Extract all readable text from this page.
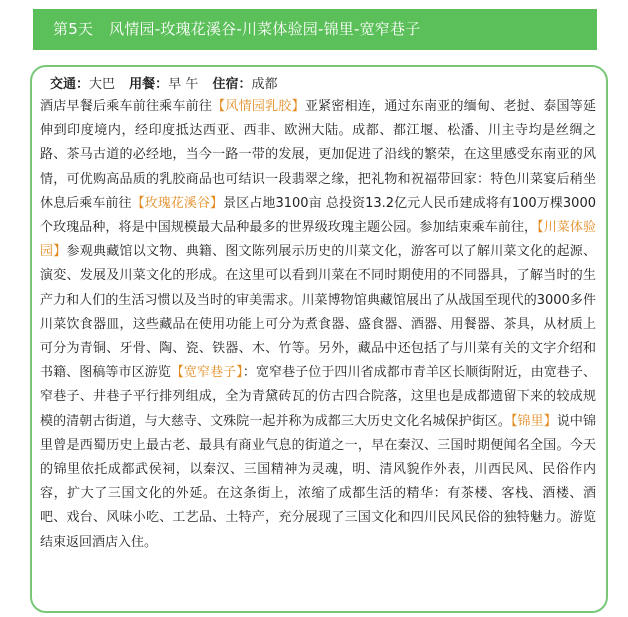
第5天 风情园-玫瑰花溪谷-川菜体验园-锦里-宽窄巷子
交通：大巴 用餐：早 午 住宿：成都

酒店早餐后乘车前往乘车前往【风情园乳胶】亚紧密相连，通过东南亚的缅甸、老挝、泰国等延伸到印度境内，经印度抵达西亚、西非、欧洲大陆。成都、都江堰、松潘、川主寺均是丝绸之路、茶马古道的必经地，当今一路一带的发展，更加促进了沿线的繁荣，在这里感受东南亚的风情，可优购高品质的乳胶商品也可结识一段翡翠之缘，把礼物和祝福带回家：特色川菜宴后稍坐休息后乘车前往【玫瑰花溪谷】景区占地3100亩 总投资13.2亿元人民币建成将有100万棵3000个玫瑰品种，将是中国规模最大品种最多的世界级玫瑰主题公园。参加结束乘车前往，【川菜体验园】参观典藏馆以文物、典籍、图文陈列展示历史的川菜文化，游客可以了解川菜文化的起源、演変、发展及川菜文化的形成。在这里可以看到川菜在不同时期使用的不同器具，了解当时的生产力和人们的生活习惯以及当时的审美需求。川菜博物馆典藏馆展出了从战国至现代的3000多件川菜饮食器皿，这些藏品在使用功能上可分为煮食器、盛食器、酒器、用餐器、茶具，从材质上可分为青铜、牙骨、陶、瓷、铁器、木、竹等。另外，藏品中还包括了与川菜有关的文字介绍和书籍、图稿等市区游览【宽窄巷子】：宽窄巷子位于四川省成都市青羊区长顺街附近，由宽巷子、窄巷子、井巷子平行排列组成，全为青黛砖瓦的仿古四合院落，这里也是成都遗留下来的较成规模的清朝古街道，与大慈寺、文殊院一起并称为成都三大历史文化名城保护街区。【锦里】说中锦里曾是西蜀历史上最古老、最具有商业气息的街道之一，早在秦汉、三国时期便闻名全国。今天的锦里依托成都武侯祠，以秦汉、三国精神为灵魂，明、清风貌作外表，川西民风、民俗作内容，扩大了三国文化的外延。在这条街上，浓缩了成都生活的精华：有茶楼、客栈、酒楼、酒吧、戏台、风味小吃、工艺品、土特产，充分展现了三国文化和四川民风民俗的独特魅力。游览结束返回酒店入住。
